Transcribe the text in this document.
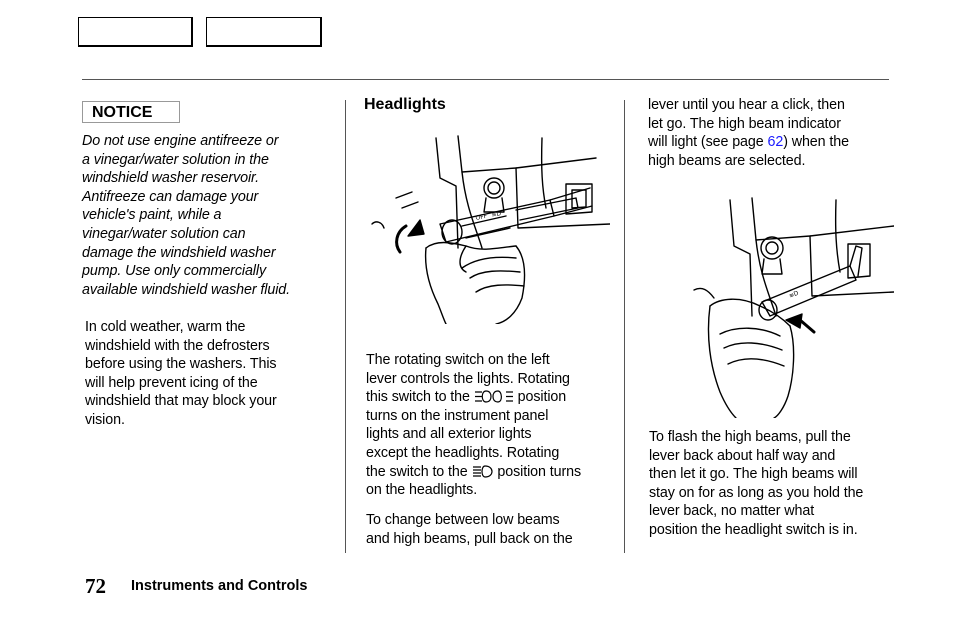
NOTICE
Do not use engine antifreeze or
a vinegar/water solution in the
windshield washer reservoir.
Antifreeze can damage your
vehicle's paint, while a
vinegar/water solution can
damage the windshield washer
pump. Use only commercially
available windshield washer fluid.
In cold weather, warm the
windshield with the defrosters
before using the washers. This
will help prevent icing of the
windshield that may block your
vision.
Headlights
OFF ≡D
The rotating switch on the left
lever controls the lights. Rotating
this switch to the	position
turns on the instrument panel
lights and all exterior lights
except the headlights. Rotating
the switch to the position turns
on the headlights.
To change between low beams
and high beams, pull back on the
lever until you hear a click, then
let go. The high beam indicator
will light (see page 62) when the
high beams are selected.
≡D
To flash the high beams, pull the
lever back about half way and
then let it go. The high beams will
stay on for as long as you hold the
lever back, no matter what
position the headlight switch is in.
72 Instruments and Controls
